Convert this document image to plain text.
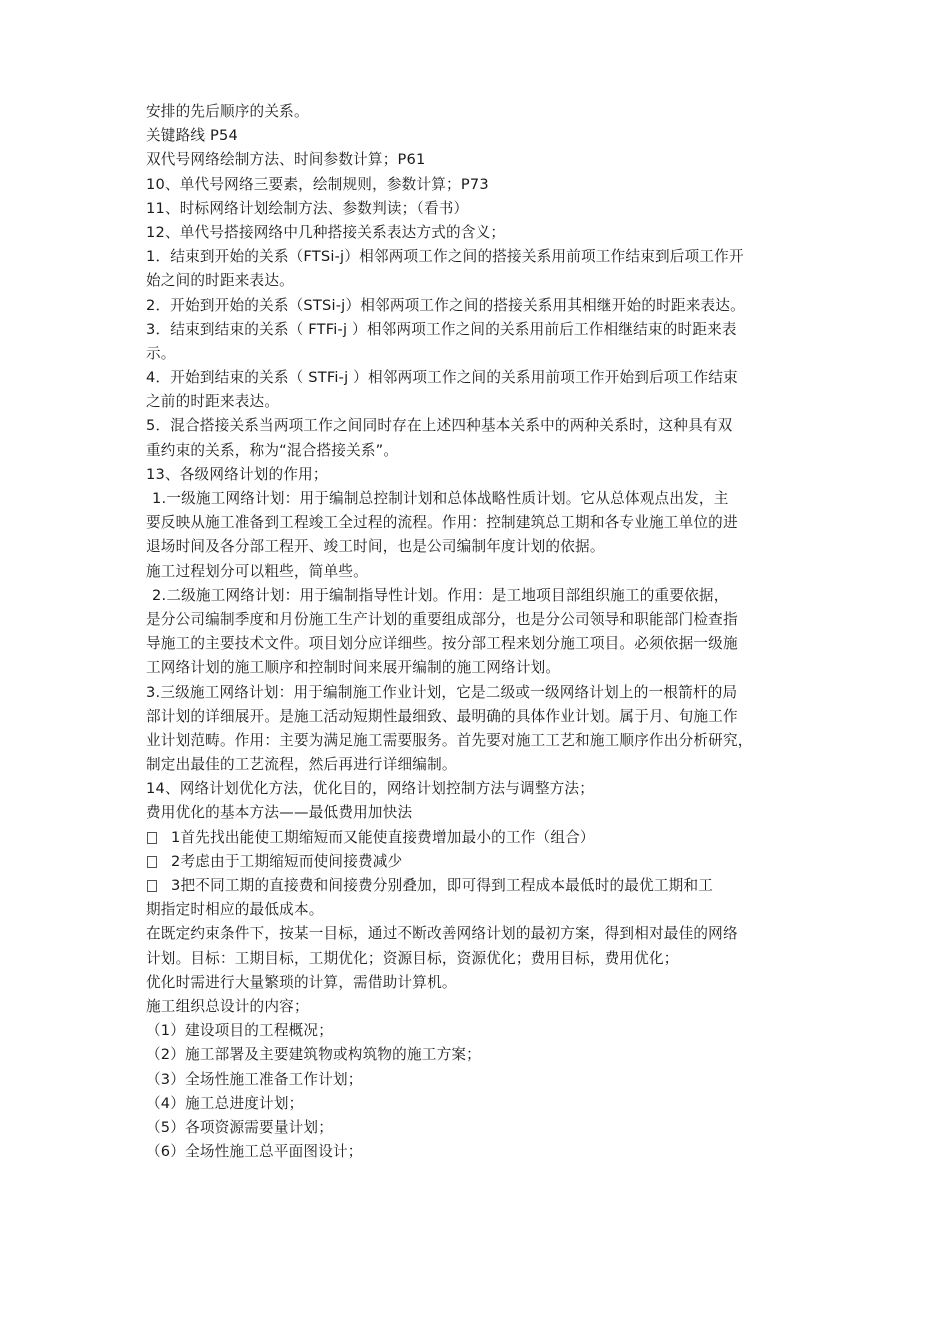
安排的先后顺序的关系。
关键路线 P54
双代号网络绘制方法、时间参数计算；P61
10、单代号网络三要素，绘制规则，参数计算；P73
11、时标网络计划绘制方法、参数判读；（看书）
12、单代号搭接网络中几种搭接关系表达方式的含义；
1．结束到开始的关系（FTSi-j）相邻两项工作之间的搭接关系用前项工作结束到后项工作开
始之间的时距来表达。
2．开始到开始的关系（STSi-j）相邻两项工作之间的搭接关系用其相继开始的时距来表达。
3．结束到结束的关系（ FTFi-j ）相邻两项工作之间的关系用前后工作相继结束的时距来表
示。
4．开始到结束的关系（ STFi-j ）相邻两项工作之间的关系用前项工作开始到后项工作结束
之前的时距来表达。
5．混合搭接关系当两项工作之间同时存在上述四种基本关系中的两种关系时，这种具有双
重约束的关系，称为“混合搭接关系”。
13、各级网络计划的作用；
1.一级施工网络计划：用于编制总控制计划和总体战略性质计划。它从总体观点出发，主
要反映从施工准备到工程竣工全过程的流程。作用：控制建筑总工期和各专业施工单位的进
退场时间及各分部工程开、竣工时间，也是公司编制年度计划的依据。
施工过程划分可以粗些，简单些。
2.二级施工网络计划：用于编制指导性计划。作用：是工地项目部组织施工的重要依据，
是分公司编制季度和月份施工生产计划的重要组成部分，也是分公司领导和职能部门检查指
导施工的主要技术文件。项目划分应详细些。按分部工程来划分施工项目。必须依据一级施
工网络计划的施工顺序和控制时间来展开编制的施工网络计划。
3.三级施工网络计划：用于编制施工作业计划，它是二级或一级网络计划上的一根箭杆的局
部计划的详细展开。是施工活动短期性最细致、最明确的具体作业计划。属于月、旬施工作
业计划范畴。作用：主要为满足施工需要服务。首先要对施工工艺和施工顺序作出分析研究，
制定出最佳的工艺流程，然后再进行详细编制。
14、网络计划优化方法，优化目的，网络计划控制方法与调整方法；
费用优化的基本方法——最低费用加快法
1首先找出能使工期缩短而又能使直接费增加最小的工作（组合）
2考虑由于工期缩短而使间接费减少
3把不同工期的直接费和间接费分别叠加，即可得到工程成本最低时的最优工期和工
期指定时相应的最低成本。
在既定约束条件下，按某一目标，通过不断改善网络计划的最初方案，得到相对最佳的网络
计划。目标：工期目标，工期优化；资源目标，资源优化；费用目标，费用优化；
优化时需进行大量繁琐的计算，需借助计算机。
施工组织总设计的内容；
（1）建设项目的工程概况；
（2）施工部署及主要建筑物或构筑物的施工方案；
（3）全场性施工准备工作计划；
（4）施工总进度计划；
（5）各项资源需要量计划；
（6）全场性施工总平面图设计；
